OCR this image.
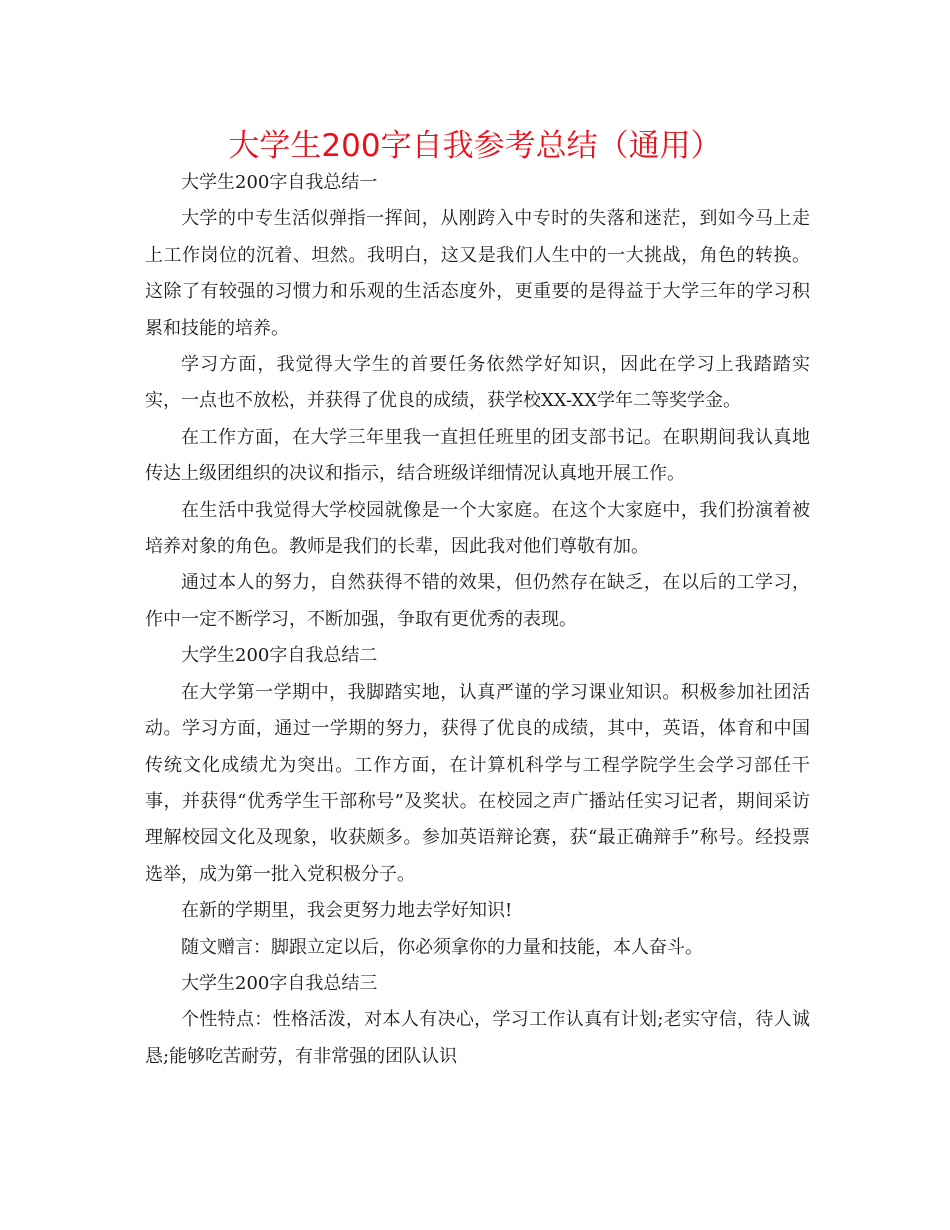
大学生200字自我参考总结（通用）

大学生200字自我总结一

大学的中专生活似弹指一挥间，从刚跨入中专时的失落和迷茫，到如今马上走上工作岗位的沉着、坦然。我明白，这又是我们人生中的一大挑战，角色的转换。这除了有较强的习惯力和乐观的生活态度外，更重要的是得益于大学三年的学习积累和技能的培养。

学习方面，我觉得大学生的首要任务依然学好知识，因此在学习上我踏踏实实，一点也不放松，并获得了优良的成绩，获学校XX-XX学年二等奖学金。

在工作方面，在大学三年里我一直担任班里的团支部书记。在职期间我认真地传达上级团组织的决议和指示，结合班级详细情况认真地开展工作。

在生活中我觉得大学校园就像是一个大家庭。在这个大家庭中，我们扮演着被培养对象的角色。教师是我们的长辈，因此我对他们尊敬有加。

通过本人的努力，自然获得不错的效果，但仍然存在缺乏，在以后的工学习，作中一定不断学习，不断加强，争取有更优秀的表现。

大学生200字自我总结二

在大学第一学期中，我脚踏实地，认真严谨的学习课业知识。积极参加社团活动。学习方面，通过一学期的努力，获得了优良的成绩，其中，英语，体育和中国传统文化成绩尤为突出。工作方面，在计算机科学与工程学院学生会学习部任干事，并获得“优秀学生干部称号”及奖状。在校园之声广播站任实习记者，期间采访理解校园文化及现象，收获颇多。参加英语辩论赛，获“最正确辩手”称号。经投票选举，成为第一批入党积极分子。

在新的学期里，我会更努力地去学好知识!

随文赠言：脚跟立定以后，你必须拿你的力量和技能，本人奋斗。

大学生200字自我总结三

个性特点：性格活泼，对本人有决心，学习工作认真有计划;老实守信，待人诚恳;能够吃苦耐劳，有非常强的团队认识
